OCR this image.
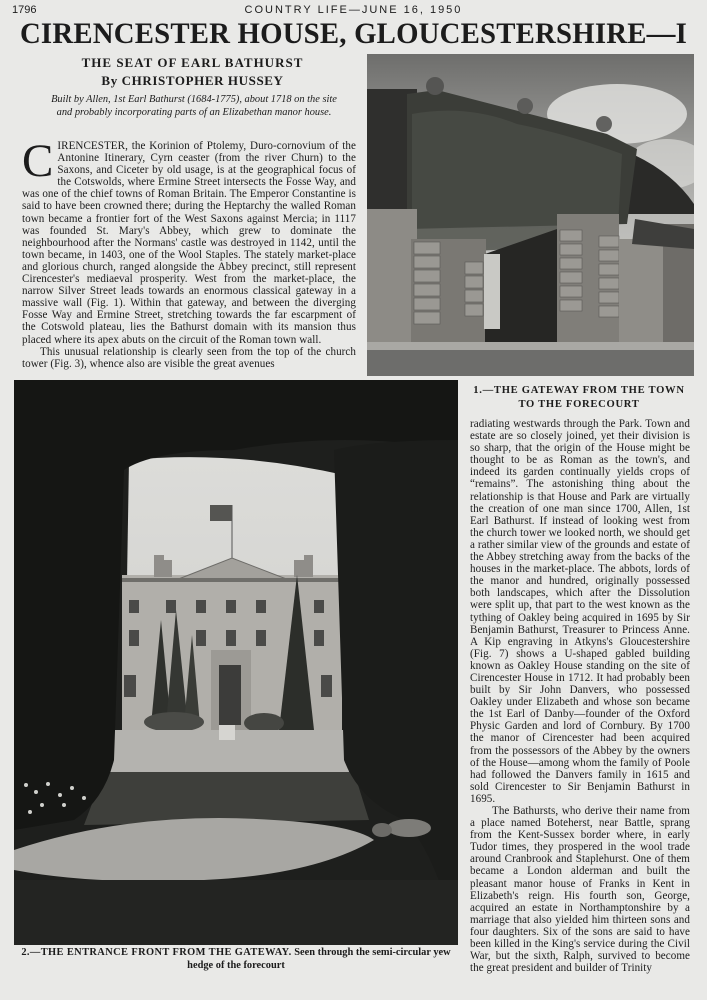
1796	COUNTRY LIFE—JUNE 16, 1950
CIRENCESTER HOUSE, GLOUCESTERSHIRE—I
THE SEAT OF EARL BATHURST
By CHRISTOPHER HUSSEY
Built by Allen, 1st Earl Bathurst (1684-1775), about 1718 on the site and probably incorporating parts of an Elizabethan manor house.

CIRENCESTER, the Korinion of Ptolemy, Duro-cornovium of the Antonine Itinerary, Cyrn ceaster (from the river Churn) to the Saxons, and Ciceter by old usage, is at the geographical focus of the Cotswolds, where Ermine Street intersects the Fosse Way, and was one of the chief towns of Roman Britain. The Emperor Constantine is said to have been crowned there; during the Heptarchy the walled Roman town became a frontier fort of the West Saxons against Mercia; in 1117 was founded St. Mary's Abbey, which grew to dominate the neighbourhood after the Normans' castle was destroyed in 1142, until the town became, in 1403, one of the Wool Staples. The stately market-place and glorious church, ranged alongside the Abbey precinct, still represent Cirencester's mediaeval prosperity. West from the market-place, the narrow Silver Street leads towards an enormous classical gateway in a massive wall (Fig. 1). Within that gateway, and between the diverging Fosse Way and Ermine Street, stretching towards the far escarpment of the Cotswold plateau, lies the Bathurst domain with its mansion thus placed where its apex abuts on the circuit of the Roman town wall.

This unusual relationship is clearly seen from the top of the church tower (Fig. 3), whence also are visible the great avenues

1.—THE GATEWAY FROM THE TOWN TO THE FORECOURT
2.—THE ENTRANCE FRONT FROM THE GATEWAY. Seen through the semi-circular yew hedge of the forecourt

radiating westwards through the Park. Town and estate are so closely joined, yet their division is so sharp, that the origin of the House might be thought to be as Roman as the town's, and indeed its garden continually yields crops of “remains”. The astonishing thing about the relationship is that House and Park are virtually the creation of one man since 1700, Allen, 1st Earl Bathurst. If instead of looking west from the church tower we looked north, we should get a rather similar view of the grounds and estate of the Abbey stretching away from the backs of the houses in the market-place. The abbots, lords of the manor and hundred, originally possessed both landscapes, which after the Dissolution were split up, that part to the west known as the tything of Oakley being acquired in 1695 by Sir Benjamin Bathurst, Treasurer to Princess Anne. A Kip engraving in Atkyns's Gloucestershire (Fig. 7) shows a U-shaped gabled building known as Oakley House standing on the site of Cirencester House in 1712. It had probably been built by Sir John Danvers, who possessed Oakley under Elizabeth and whose son became the 1st Earl of Danby—founder of the Oxford Physic Garden and lord of Cornbury. By 1700 the manor of Cirencester had been acquired from the possessors of the Abbey by the owners of the House—among whom the family of Poole had followed the Danvers family in 1615 and sold Cirencester to Sir Benjamin Bathurst in 1695.

The Bathursts, who derive their name from a place named Boteherst, near Battle, sprang from the Kent-Sussex border where, in early Tudor times, they prospered in the wool trade around Cranbrook and Staplehurst. One of them became a London alderman and built the pleasant manor house of Franks in Kent in Elizabeth's reign. His fourth son, George, acquired an estate in Northamptonshire by a marriage that also yielded him thirteen sons and four daughters. Six of the sons are said to have been killed in the King's service during the Civil War, but the sixth, Ralph, survived to become the great president and builder of Trinity
